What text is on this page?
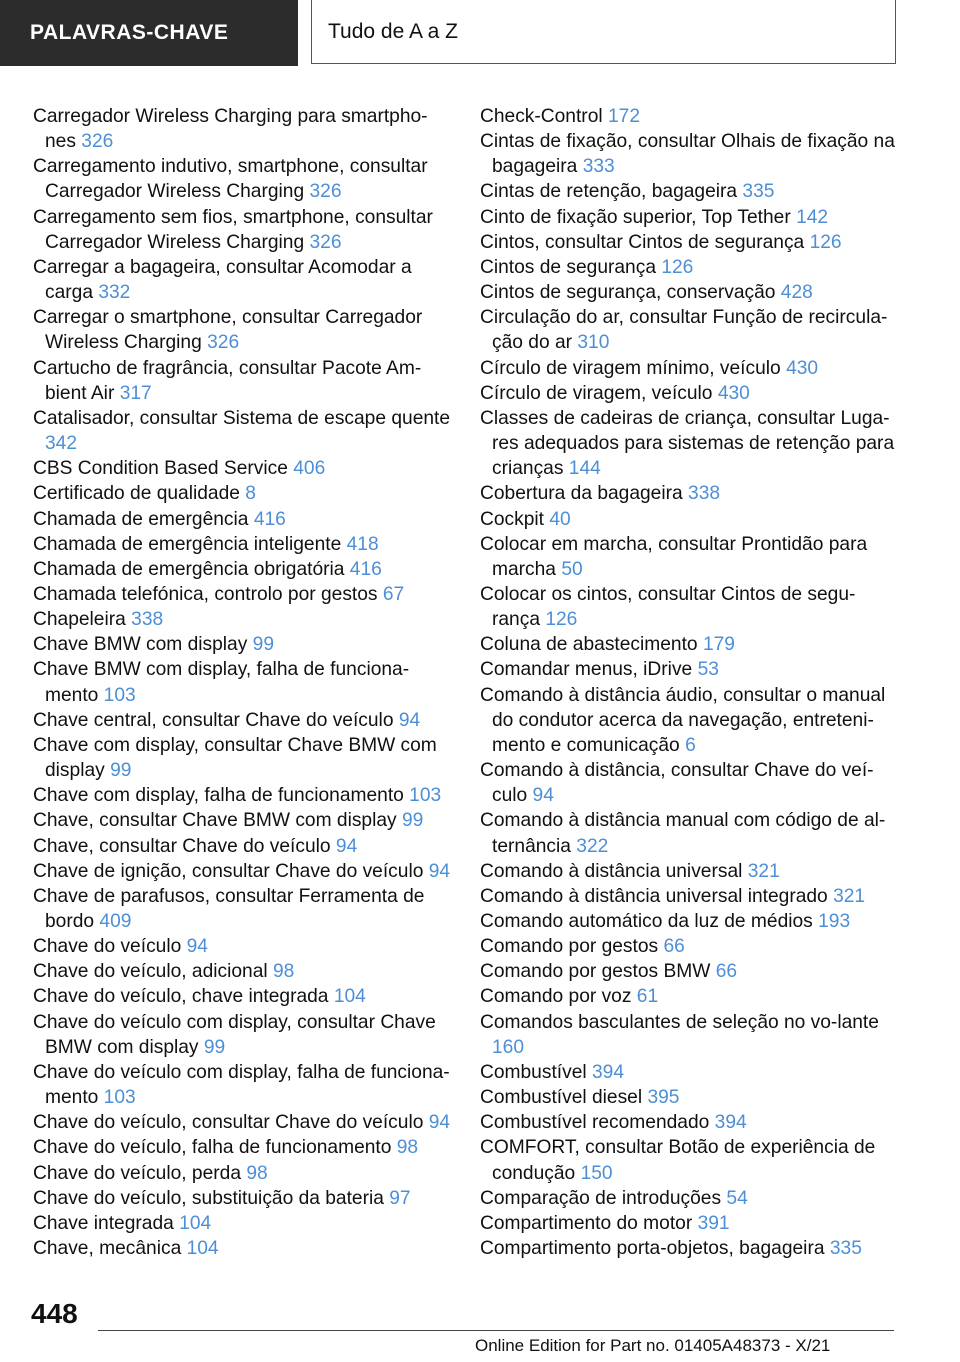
PALAVRAS-CHAVE	Tudo de A a Z

Carregador Wireless Charging para smartpho-nes 326

Carregamento indutivo, smartphone, consultar Carregador Wireless Charging 326

Carregamento sem fios, smartphone, consultar Carregador Wireless Charging 326

Carregar a bagageira, consultar Acomodar a carga 332

Carregar o smartphone, consultar Carregador Wireless Charging 326

Cartucho de fragrância, consultar Pacote Am-bient Air 317

Catalisador, consultar Sistema de escape quente 342

CBS Condition Based Service 406

Certificado de qualidade 8

Chamada de emergência 416

Chamada de emergência inteligente 418

Chamada de emergência obrigatória 416

Chamada telefónica, controlo por gestos 67

Chapeleira 338

Chave BMW com display 99

Chave BMW com display, falha de funciona-mento 103

Chave central, consultar Chave do veículo 94

Chave com display, consultar Chave BMW com display 99

Chave com display, falha de funcionamento 103

Chave, consultar Chave BMW com display 99

Chave, consultar Chave do veículo 94

Chave de ignição, consultar Chave do veículo 94

Chave de parafusos, consultar Ferramenta de bordo 409

Chave do veículo 94

Chave do veículo, adicional 98

Chave do veículo, chave integrada 104

Chave do veículo com display, consultar Chave BMW com display 99

Chave do veículo com display, falha de funciona-mento 103

Chave do veículo, consultar Chave do veículo 94

Chave do veículo, falha de funcionamento 98

Chave do veículo, perda 98

Chave do veículo, substituição da bateria 97

Chave integrada 104

Chave, mecânica 104

Check-Control 172

Cintas de fixação, consultar Olhais de fixação na bagageira 333

Cintas de retenção, bagageira 335

Cinto de fixação superior, Top Tether 142

Cintos, consultar Cintos de segurança 126

Cintos de segurança 126

Cintos de segurança, conservação 428

Circulação do ar, consultar Função de recircula-ção do ar 310

Círculo de viragem mínimo, veículo 430

Círculo de viragem, veículo 430

Classes de cadeiras de criança, consultar Luga-res adequados para sistemas de retenção para crianças 144

Cobertura da bagageira 338

Cockpit 40

Colocar em marcha, consultar Prontidão para marcha 50

Colocar os cintos, consultar Cintos de segu-rança 126

Coluna de abastecimento 179

Comandar menus, iDrive 53

Comando à distância áudio, consultar o manual do condutor acerca da navegação, entreteni-mento e comunicação 6

Comando à distância, consultar Chave do veí-culo 94

Comando à distância manual com código de al-ternância 322

Comando à distância universal 321

Comando à distância universal integrado 321

Comando automático da luz de médios 193

Comando por gestos 66

Comando por gestos BMW 66

Comando por voz 61

Comandos basculantes de seleção no vo-lante 160

Combustível 394

Combustível diesel 395

Combustível recomendado 394

COMFORT, consultar Botão de experiência de condução 150

Comparação de introduções 54

Compartimento do motor 391

Compartimento porta-objetos, bagageira 335

448
Online Edition for Part no. 01405A48373 - X/21
